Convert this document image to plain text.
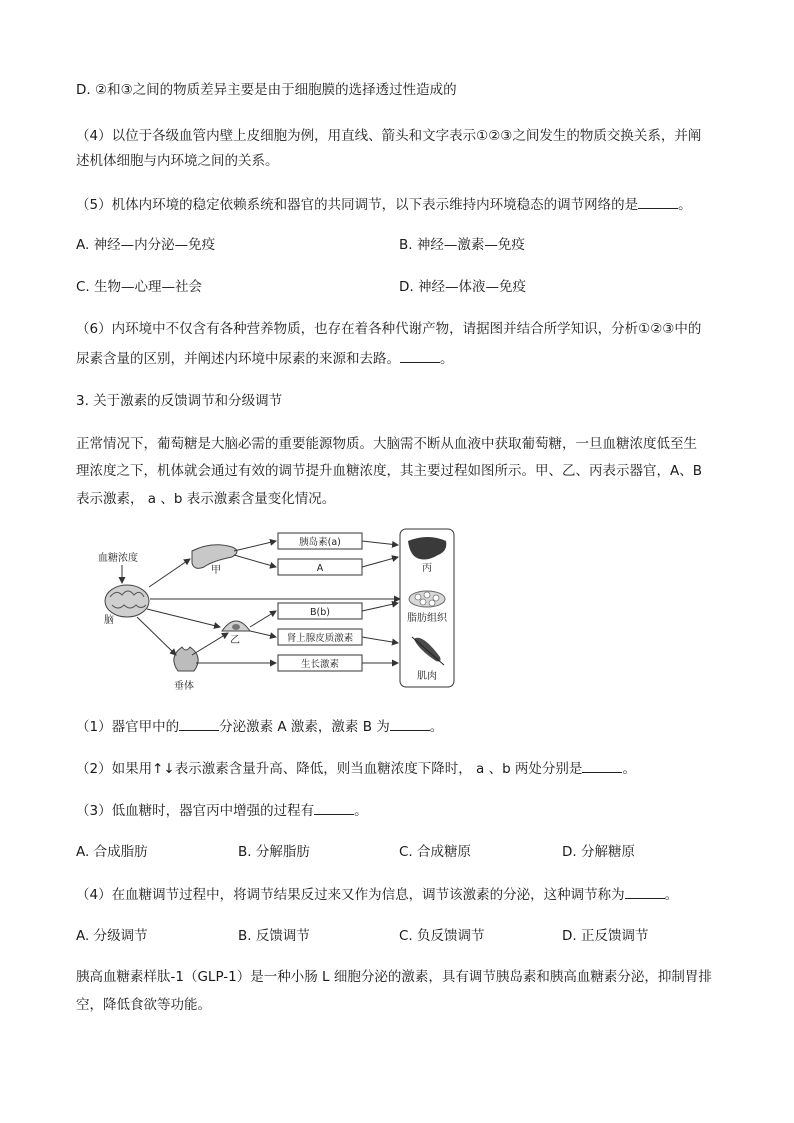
D. ②和③之间的物质差异主要是由于细胞膜的选择透过性造成的
（4）以位于各级血管内壁上皮细胞为例，用直线、箭头和文字表示①②③之间发生的物质交换关系，并阐
述机体细胞与内环境之间的关系。
（5）机体内环境的稳定依赖系统和器官的共同调节，以下表示维持内环境稳态的调节网络的是	。
A. 神经—内分泌—免疫	B. 神经—激素—免疫
C. 生物—心理—社会	D. 神经—体液—免疫
（6）内环境中不仅含有各种营养物质，也存在着各种代谢产物，请据图并结合所学知识，分析①②③中的
尿素含量的区别，并阐述内环境中尿素的来源和去路。	。
3. 关于激素的反馈调节和分级调节
正常情况下，葡萄糖是大脑必需的重要能源物质。大脑需不断从血液中获取葡萄糖，一旦血糖浓度低至生
理浓度之下，机体就会通过有效的调节提升血糖浓度，其主要过程如图所示。甲、乙、丙表示器官，A、B
表示激素， a 、b 表示激素含量变化情况。
血糖浓度
脑
甲
乙
垂体
胰岛素(a)
A
B(b)
肾上腺皮质激素
生长激素
丙
脂肪组织
肌肉
（1）器官甲中的	分泌激素 A 激素，激素 B 为	。
（2）如果用↑↓表示激素含量升高、降低，则当血糖浓度下降时， a 、b 两处分别是	。
（3）低血糖时，器官丙中增强的过程有	。
A. 合成脂肪	B. 分解脂肪	C. 合成糖原	D. 分解糖原
（4）在血糖调节过程中，将调节结果反过来又作为信息，调节该激素的分泌，这种调节称为	。
A. 分级调节	B. 反馈调节	C. 负反馈调节	D. 正反馈调节
胰高血糖素样肽-1（GLP-1）是一种小肠 L 细胞分泌的激素，具有调节胰岛素和胰高血糖素分泌，抑制胃排
空，降低食欲等功能。
